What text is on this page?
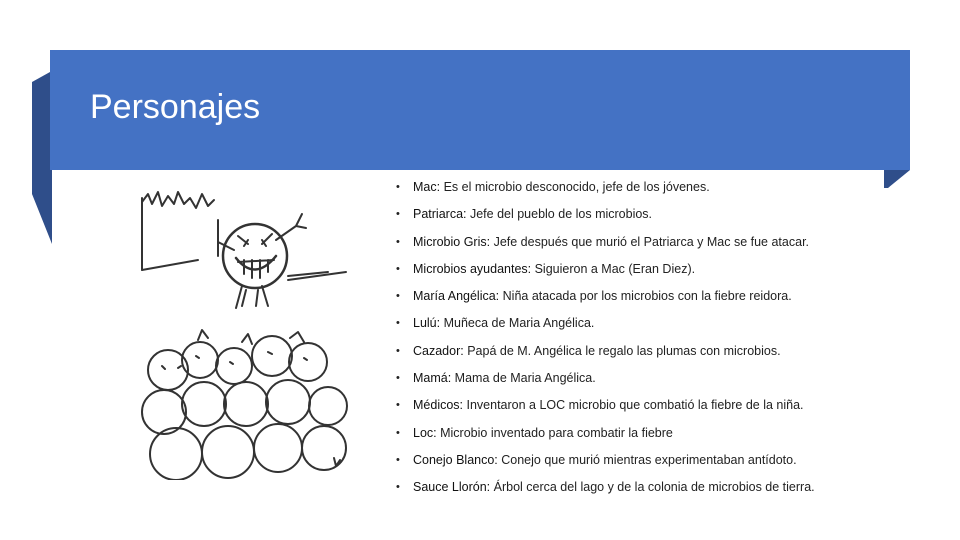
Personajes
• Mac: Es el microbio desconocido, jefe de los jóvenes.
• Patriarca: Jefe del pueblo de los microbios.
• Microbio Gris: Jefe después que murió el Patriarca y Mac se fue atacar.
• Microbios ayudantes: Siguieron a Mac (Eran Diez).
• María Angélica: Niña atacada por los microbios con la fiebre reidora.
• Lulú: Muñeca de Maria Angélica.
• Cazador: Papá de M. Angélica le regalo las plumas con microbios.
• Mamá: Mama de Maria Angélica.
• Médicos: Inventaron a LOC microbio que combatió la fiebre de la niña.
• Loc: Microbio inventado para combatir la fiebre
• Conejo Blanco: Conejo que murió mientras experimentaban antídoto.
• Sauce Llorón: Árbol cerca del lago y de la colonia de microbios de tierra.
